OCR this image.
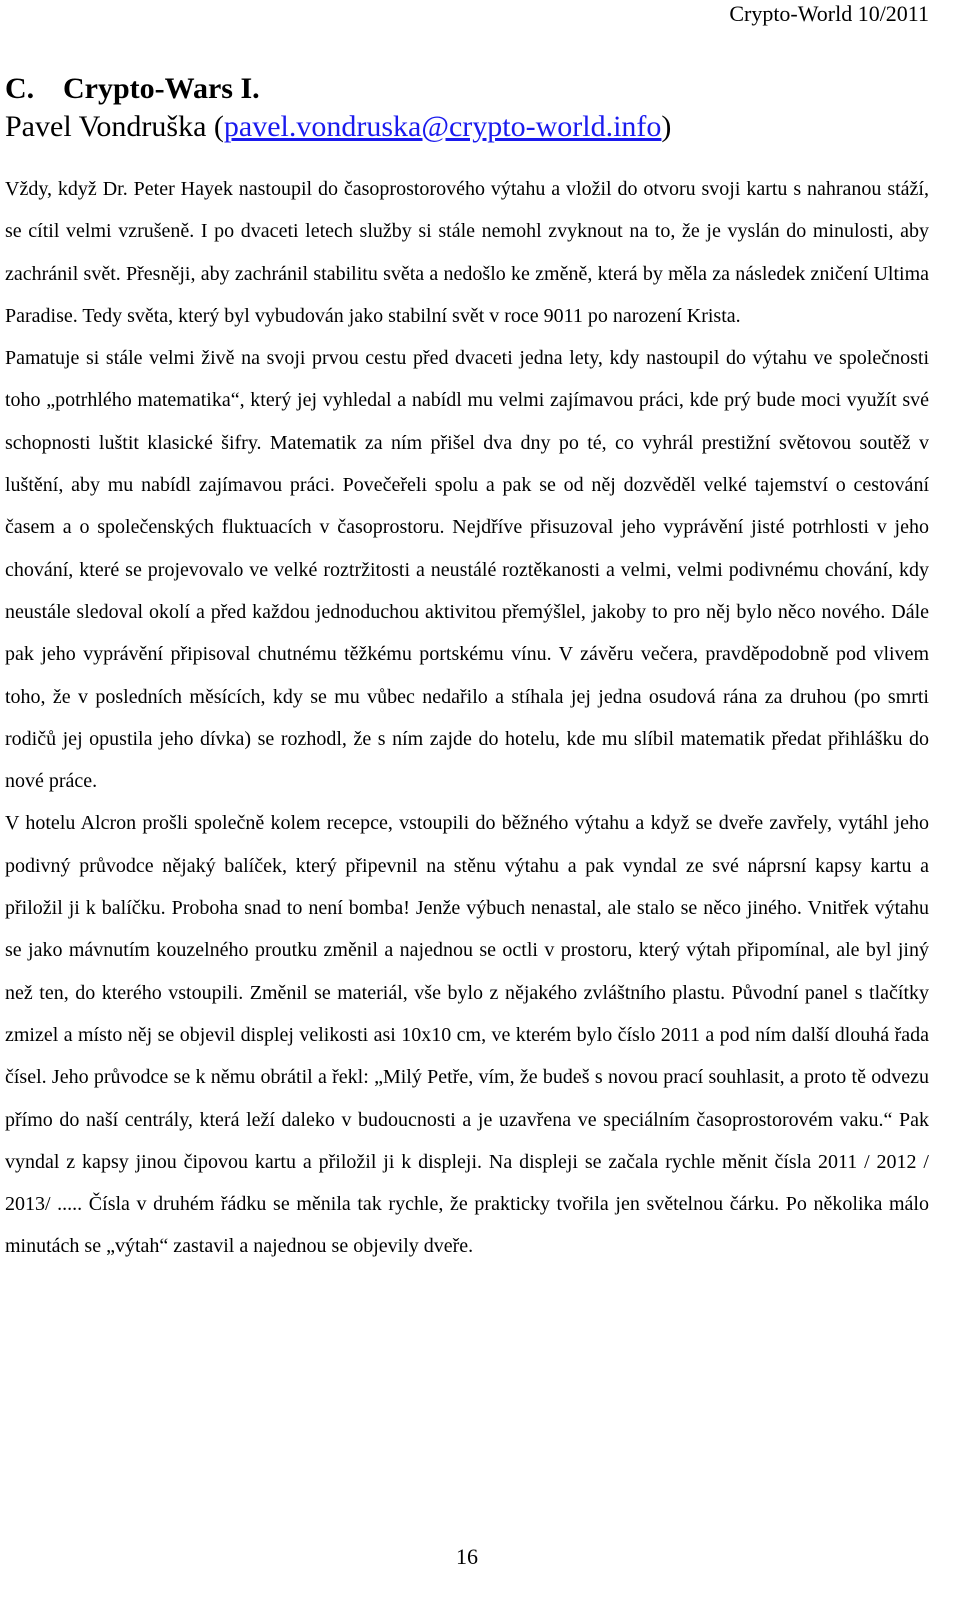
Crypto-World 10/2011
C. Crypto-Wars I.

Pavel Vondruška (pavel.vondruska@crypto-world.info)

Vždy, když Dr. Peter Hayek nastoupil do časoprostorového výtahu a vložil do otvoru svoji kartu s nahranou stáží, se cítil velmi vzrušeně. I po dvaceti letech služby si stále nemohl zvyknout na to, že je vyslán do minulosti, aby zachránil svět. Přesněji, aby zachránil stabilitu světa a nedošlo ke změně, která by měla za následek zničení Ultima Paradise. Tedy světa, který byl vybudován jako stabilní svět v roce 9011 po narození Krista.

Pamatuje si stále velmi živě na svoji prvou cestu před dvaceti jedna lety, kdy nastoupil do výtahu ve společnosti toho „potrhlého matematika“, který jej vyhledal a nabídl mu velmi zajímavou práci, kde prý bude moci využít své schopnosti luštit klasické šifry. Matematik za ním přišel dva dny po té, co vyhrál prestižní světovou soutěž v luštění, aby mu nabídl zajímavou práci. Povečeřeli spolu a pak se od něj dozvěděl velké tajemství o cestování časem a o společenských fluktuacích v časoprostoru. Nejdříve přisuzoval jeho vyprávění jisté potrhlosti v jeho chování, které se projevovalo ve velké roztržitosti a neustálé roztěkanosti a velmi, velmi podivnému chování, kdy neustále sledoval okolí a před každou jednoduchou aktivitou přemýšlel, jakoby to pro něj bylo něco nového. Dále pak jeho vyprávění připisoval chutnému těžkému portskému vínu. V závěru večera, pravděpodobně pod vlivem toho, že v posledních měsících, kdy se mu vůbec nedařilo a stíhala jej jedna osudová rána za druhou (po smrti rodičů jej opustila jeho dívka) se rozhodl, že s ním zajde do hotelu, kde mu slíbil matematik předat přihlášku do nové práce.

V hotelu Alcron prošli společně kolem recepce, vstoupili do běžného výtahu a když se dveře zavřely, vytáhl jeho podivný průvodce nějaký balíček, který připevnil na stěnu výtahu a pak vyndal ze své náprsní kapsy kartu a přiložil ji k balíčku. Proboha snad to není bomba! Jenže výbuch nenastal, ale stalo se něco jiného. Vnitřek výtahu se jako mávnutím kouzelného proutku změnil a najednou se octli v prostoru, který výtah připomínal, ale byl jiný než ten, do kterého vstoupili. Změnil se materiál, vše bylo z nějakého zvláštního plastu. Původní panel s tlačítky zmizel a místo něj se objevil displej velikosti asi 10x10 cm, ve kterém bylo číslo 2011 a pod ním další dlouhá řada čísel. Jeho průvodce se k němu obrátil a řekl: „Milý Petře, vím, že budeš s novou prací souhlasit, a proto tě odvezu přímo do naší centrály, která leží daleko v budoucnosti a je uzavřena ve speciálním časoprostorovém vaku.“ Pak vyndal z kapsy jinou čipovou kartu a přiložil ji k displeji. Na displeji se začala rychle měnit čísla 2011 / 2012 / 2013/ ..... Čísla v druhém řádku se měnila tak rychle, že prakticky tvořila jen světelnou čárku. Po několika málo minutách se „výtah“ zastavil a najednou se objevily dveře.

16
